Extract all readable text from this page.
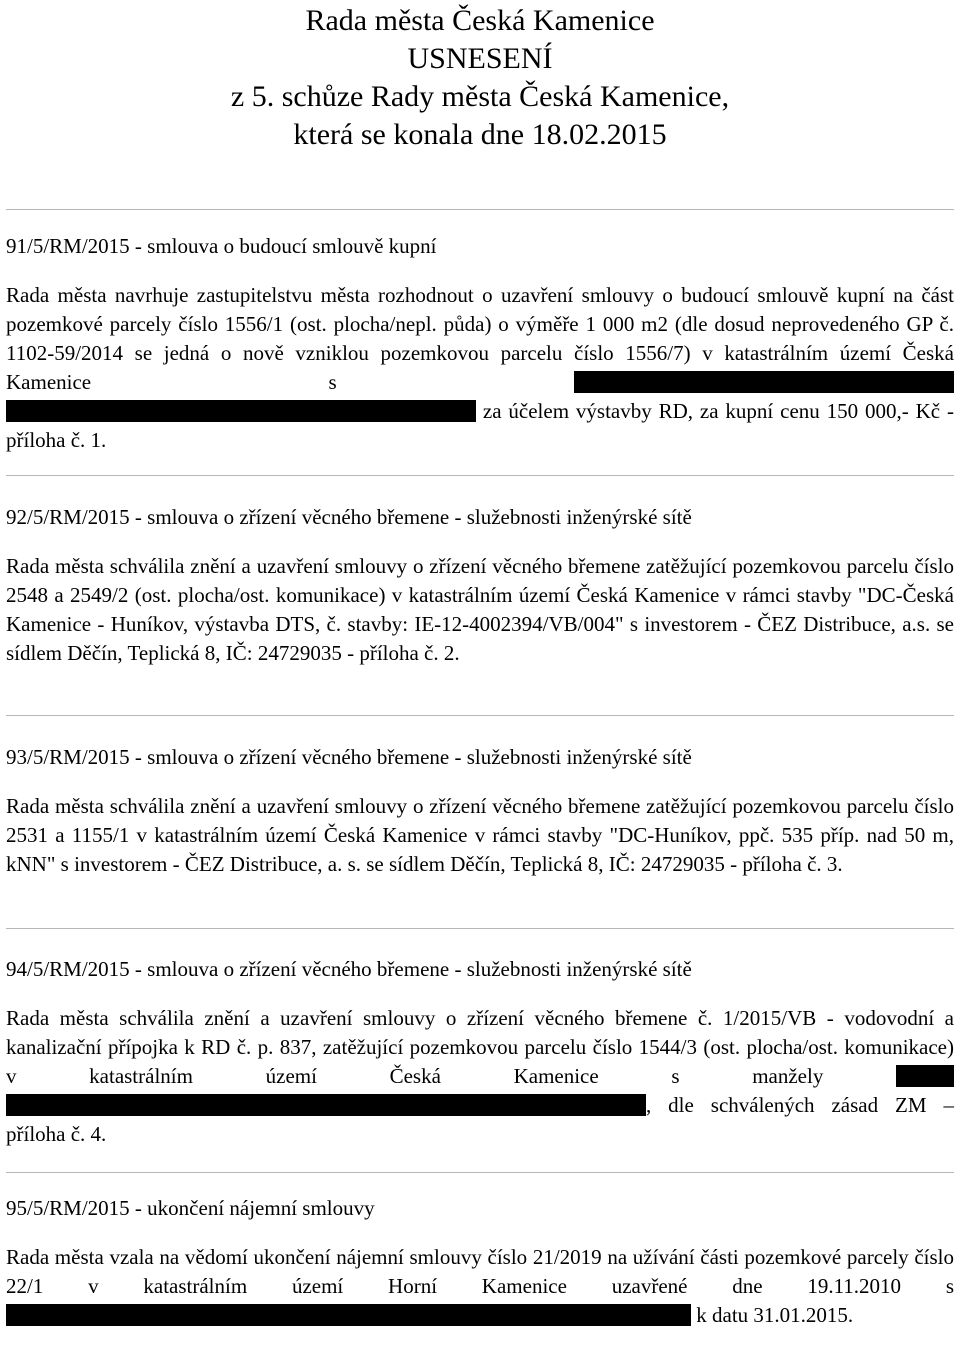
Rada města Česká Kamenice
USNESENÍ
z 5. schůze Rady města Česká Kamenice,
která se konala dne 18.02.2015
91/5/RM/2015 - smlouva o budoucí smlouvě kupní
Rada města navrhuje zastupitelstvu města rozhodnout o uzavření smlouvy o budoucí smlouvě kupní na část pozemkové parcely číslo 1556/1 (ost. plocha/nepl. půda) o výměře 1 000 m2 (dle dosud neprovedeného GP č. 1102-59/2014 se jedná o nově vzniklou pozemkovou parcelu číslo 1556/7) v katastrálním území Česká Kamenice s   za účelem výstavby RD, za kupní cenu 150 000,- Kč - příloha č. 1.
92/5/RM/2015 - smlouva o zřízení věcného břemene - služebnosti inženýrské sítě
Rada města schválila znění a uzavření smlouvy o zřízení věcného břemene zatěžující pozemkovou parcelu číslo 2548 a 2549/2 (ost. plocha/ost. komunikace) v katastrálním území Česká Kamenice v rámci stavby "DC-Česká Kamenice - Huníkov, výstavba DTS, č. stavby: IE-12-4002394/VB/004" s investorem - ČEZ Distribuce, a.s. se sídlem Děčín, Teplická 8, IČ: 24729035 - příloha č. 2.
93/5/RM/2015 - smlouva o zřízení věcného břemene - služebnosti inženýrské sítě
Rada města schválila znění a uzavření smlouvy o zřízení věcného břemene zatěžující pozemkovou parcelu číslo 2531 a 1155/1 v katastrálním území Česká Kamenice v rámci stavby "DC-Huníkov, ppč. 535 příp. nad 50 m, kNN" s investorem - ČEZ Distribuce, a. s. se sídlem Děčín, Teplická 8, IČ: 24729035 - příloha č. 3.
94/5/RM/2015 - smlouva o zřízení věcného břemene - služebnosti inženýrské sítě
Rada města schválila znění a uzavření smlouvy o zřízení věcného břemene č. 1/2015/VB - vodovodní a kanalizační přípojka k RD č. p. 837, zatěžující pozemkovou parcelu číslo 1544/3 (ost. plocha/ost. komunikace) v katastrálním území Česká Kamenice s manžely  , dle schválených zásad ZM – příloha č. 4.
95/5/RM/2015 - ukončení nájemní smlouvy
Rada města vzala na vědomí ukončení nájemní smlouvy číslo 21/2019 na užívání části pozemkové parcely číslo 22/1 v katastrálním území Horní Kamenice uzavřené dne 19.11.2010 s  k datu 31.01.2015.
